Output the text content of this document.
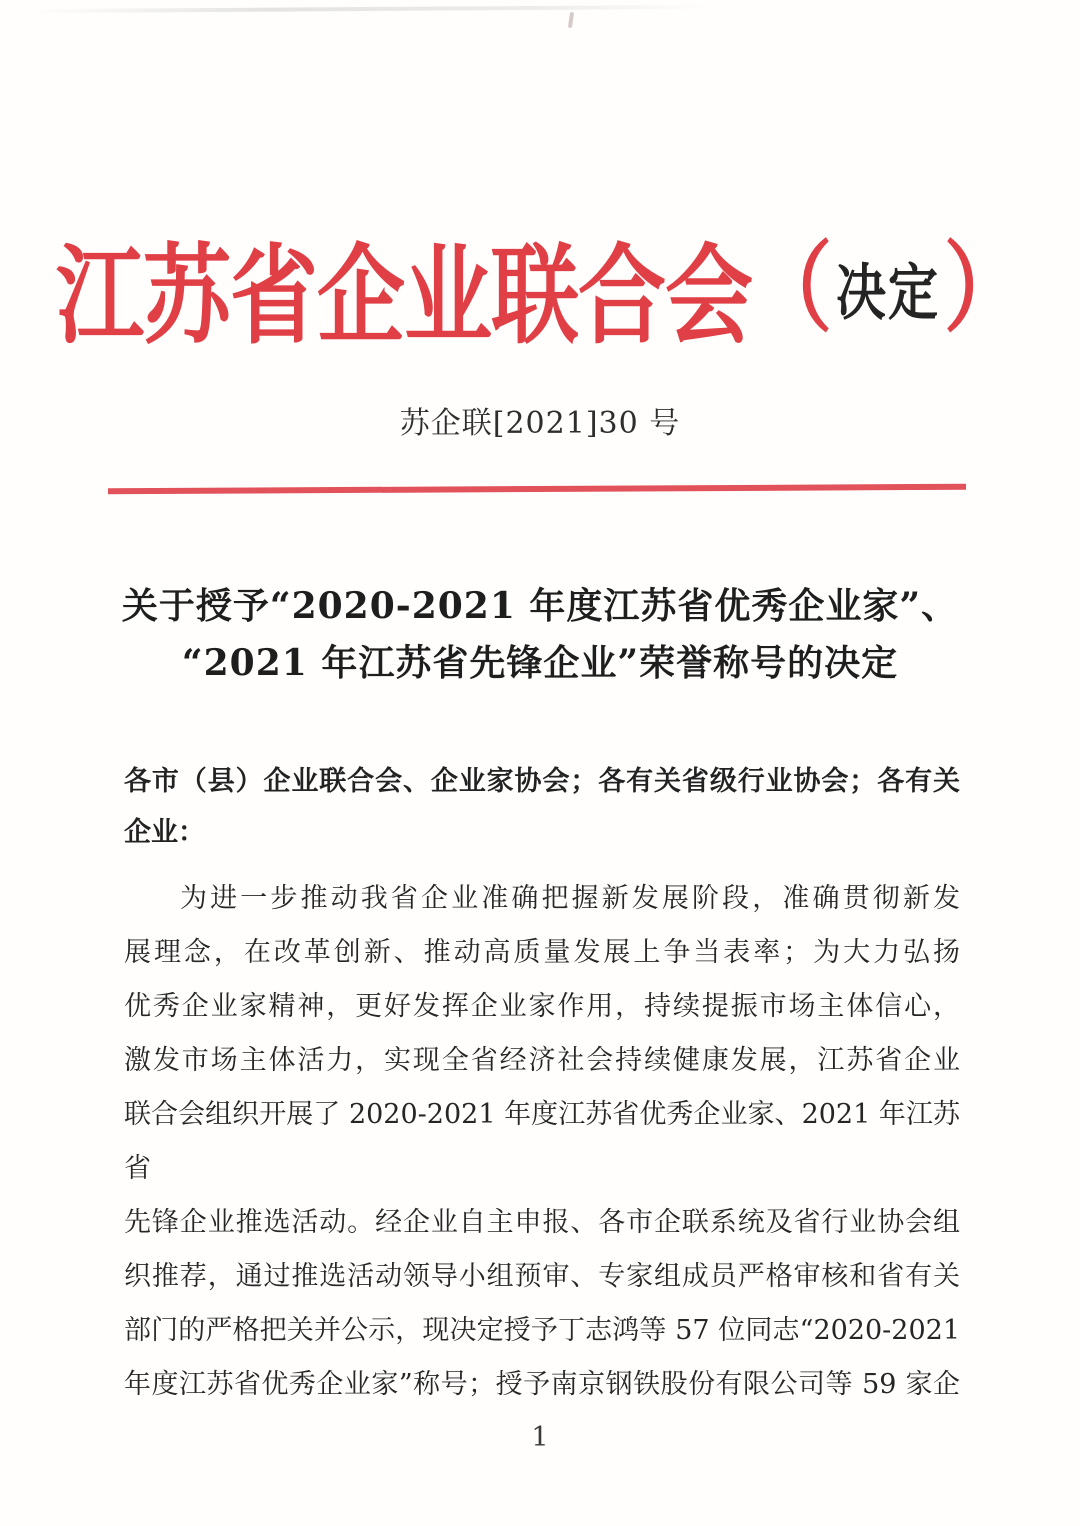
江苏省企业联合会 （ 决定 ）
苏企联[2021]30 号
关于授予“2020-2021 年度江苏省优秀企业家”、
“2021 年江苏省先锋企业”荣誉称号的决定
各市（县）企业联合会、企业家协会；各有关省级行业协会；各有关
企业：
为进一步推动我省企业准确把握新发展阶段，准确贯彻新发
展理念，在改革创新、推动高质量发展上争当表率；为大力弘扬
优秀企业家精神，更好发挥企业家作用，持续提振市场主体信心，
激发市场主体活力，实现全省经济社会持续健康发展，江苏省企业
联合会组织开展了 2020-2021 年度江苏省优秀企业家、2021 年江苏省
先锋企业推选活动。经企业自主申报、各市企联系统及省行业协会组
织推荐，通过推选活动领导小组预审、专家组成员严格审核和省有关
部门的严格把关并公示，现决定授予丁志鸿等 57 位同志“2020-2021
年度江苏省优秀企业家”称号；授予南京钢铁股份有限公司等 59 家企
1
